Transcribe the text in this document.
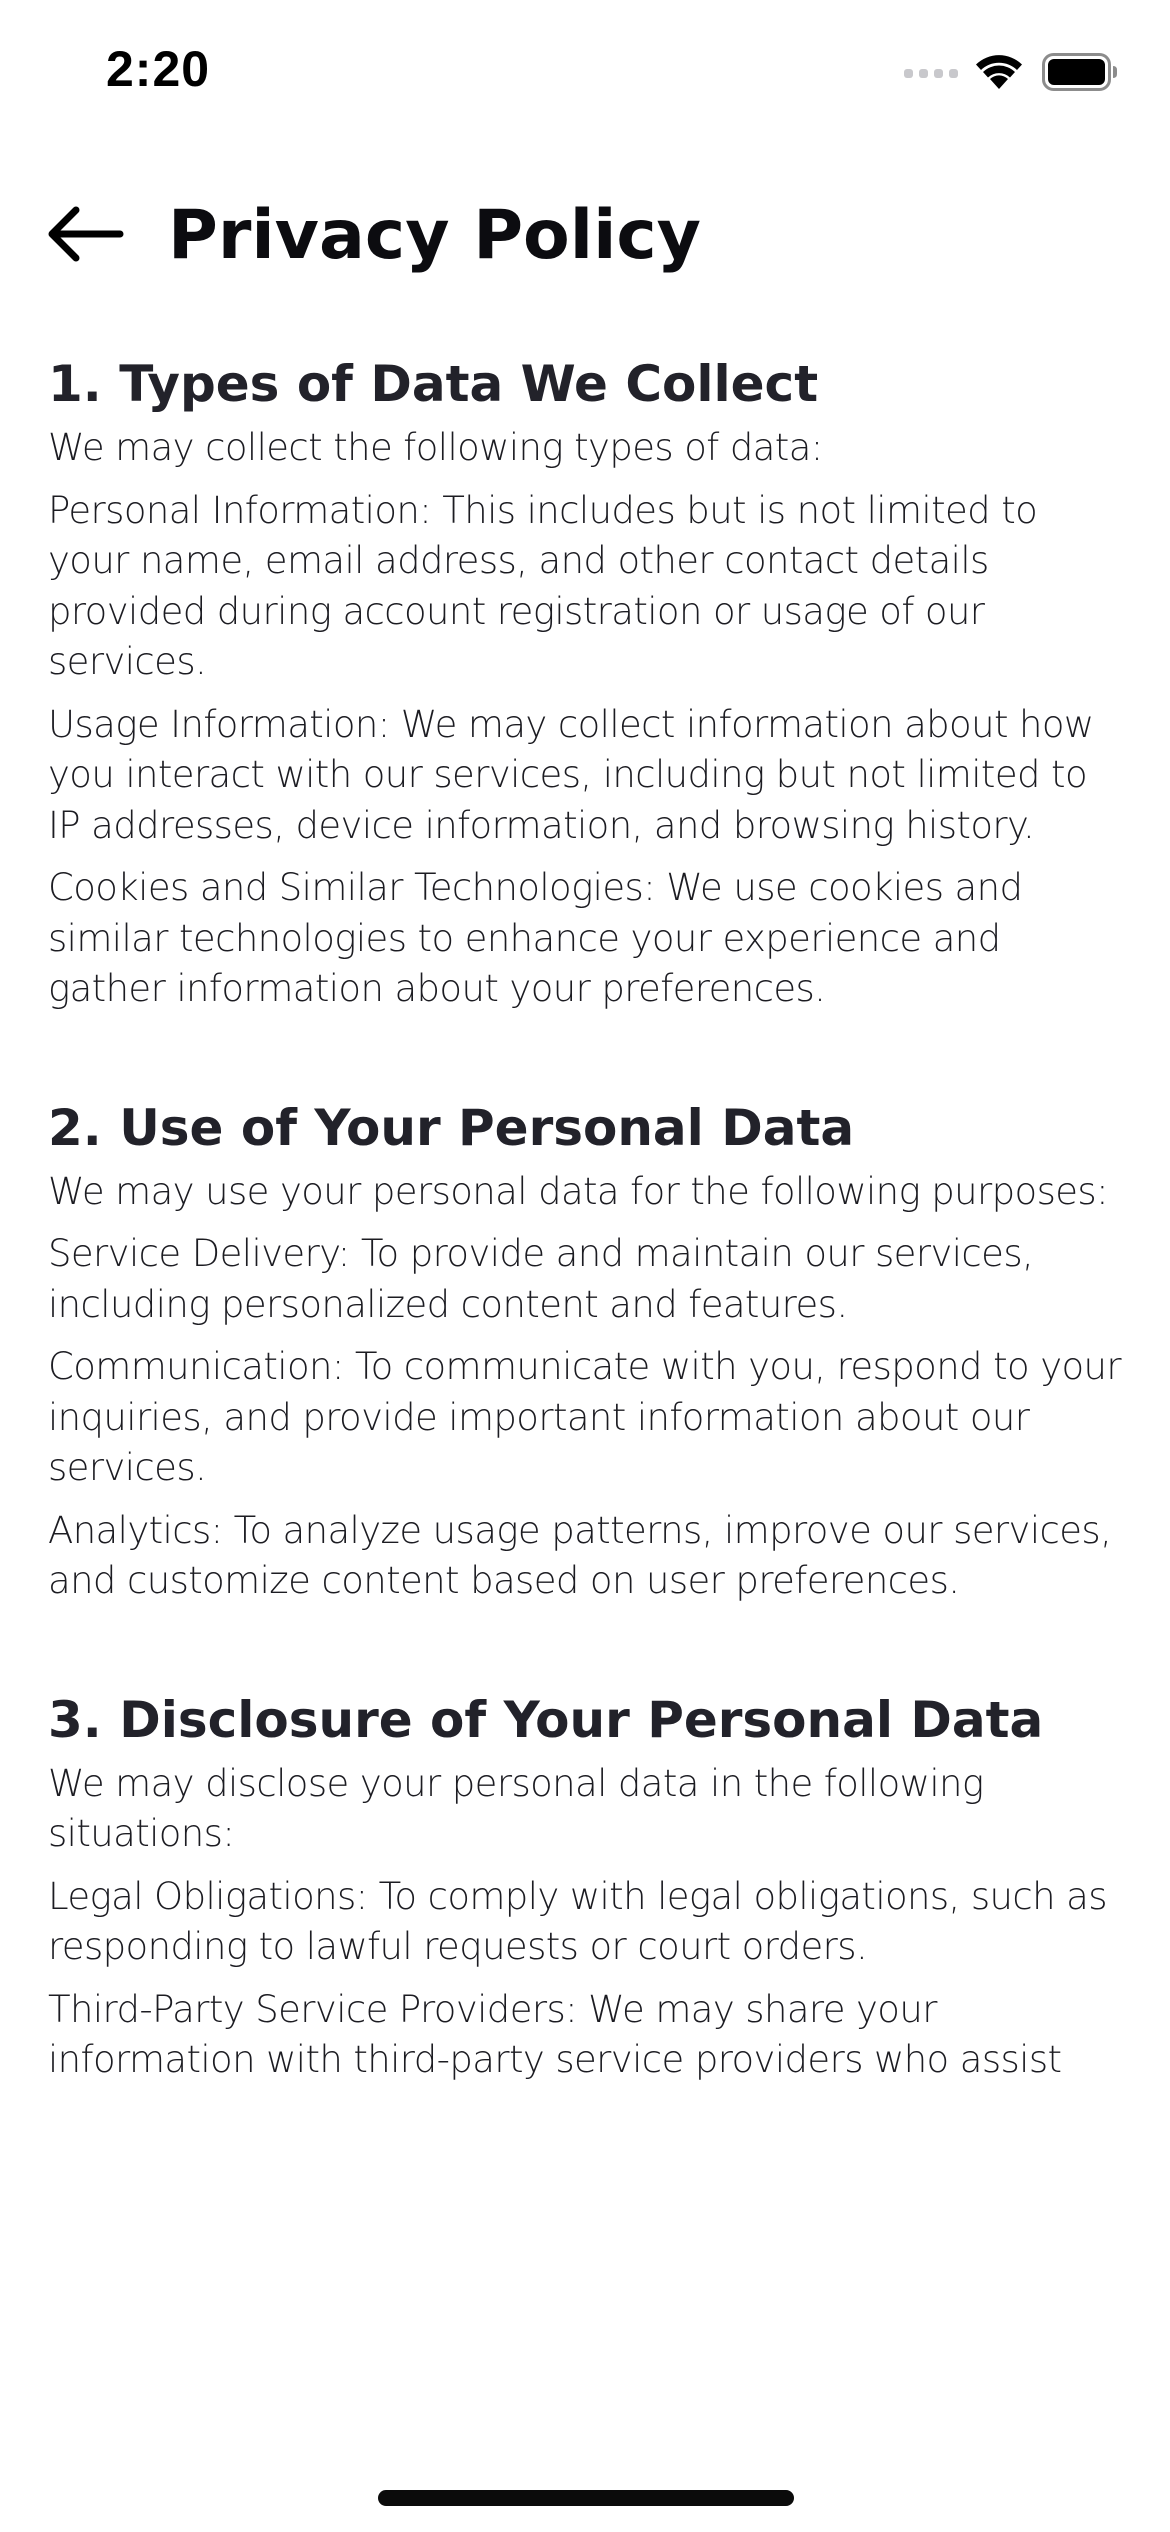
2:20
Privacy Policy
1. Types of Data We Collect

We may collect the following types of data:

Personal Information: This includes but is not limited to your name, email address, and other contact details provided during account registration or usage of our services.

Usage Information: We may collect information about how you interact with our services, including but not limited to IP addresses, device information, and browsing history.

Cookies and Similar Technologies: We use cookies and similar technologies to enhance your experience and gather information about your preferences.

2. Use of Your Personal Data

We may use your personal data for the following purposes:

Service Delivery: To provide and maintain our services, including personalized content and features.

Communication: To communicate with you, respond to your inquiries, and provide important information about our services.

Analytics: To analyze usage patterns, improve our services, and customize content based on user preferences.

3. Disclosure of Your Personal Data

We may disclose your personal data in the following situations:

Legal Obligations: To comply with legal obligations, such as responding to lawful requests or court orders.

Third-Party Service Providers: We may share your information with third-party service providers who assist
